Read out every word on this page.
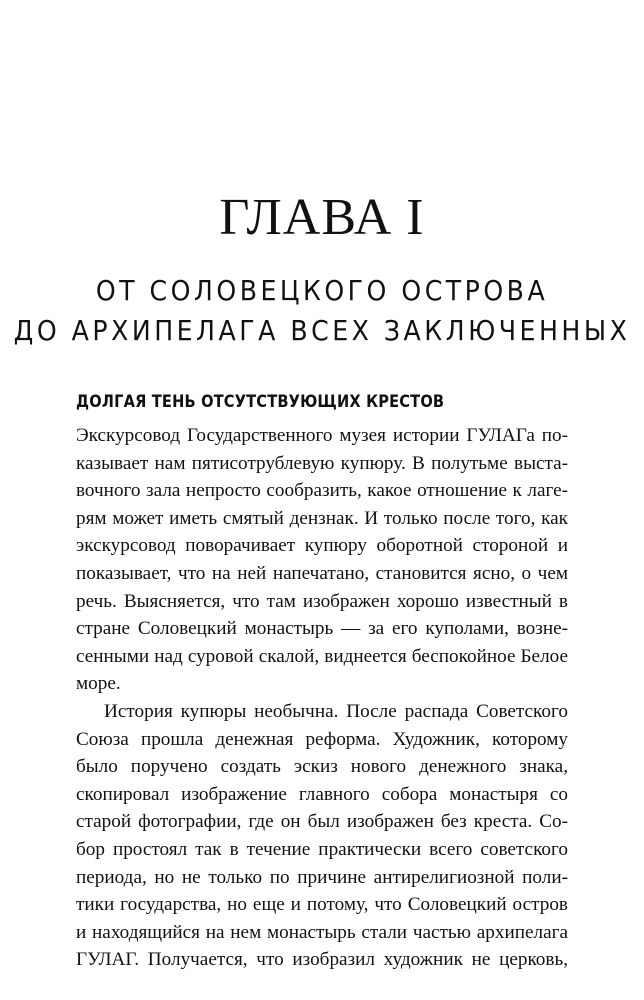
ГЛАВА I
ОТ СОЛОВЕЦКОГО ОСТРОВА
ДО АРХИПЕЛАГА ВСЕХ ЗАКЛЮЧЕННЫХ
ДОЛГАЯ ТЕНЬ ОТСУТСТВУЮЩИХ КРЕСТОВ
Экскурсовод Государственного музея истории ГУЛАГа по-
казывает нам пятисотрублевую купюру. В полутьме выста-
вочного зала непросто сообразить, какое отношение к лаге-
рям может иметь смятый дензнак. И только после того, как
экскурсовод поворачивает купюру оборотной стороной и
показывает, что на ней напечатано, становится ясно, о чем
речь. Выясняется, что там изображен хорошо известный в
стране Соловецкий монастырь — за его куполами, возне-
сенными над суровой скалой, виднеется беспокойное Белое
море.
История купюры необычна. После распада Советского
Союза прошла денежная реформа. Художник, которому
было поручено создать эскиз нового денежного знака,
скопировал изображение главного собора монастыря со
старой фотографии, где он был изображен без креста. Со-
бор простоял так в течение практически всего советского
периода, но не только по причине антирелигиозной поли-
тики государства, но еще и потому, что Соловецкий остров
и находящийся на нем монастырь стали частью архипелага
ГУЛАГ. Получается, что изобразил художник не церковь,
